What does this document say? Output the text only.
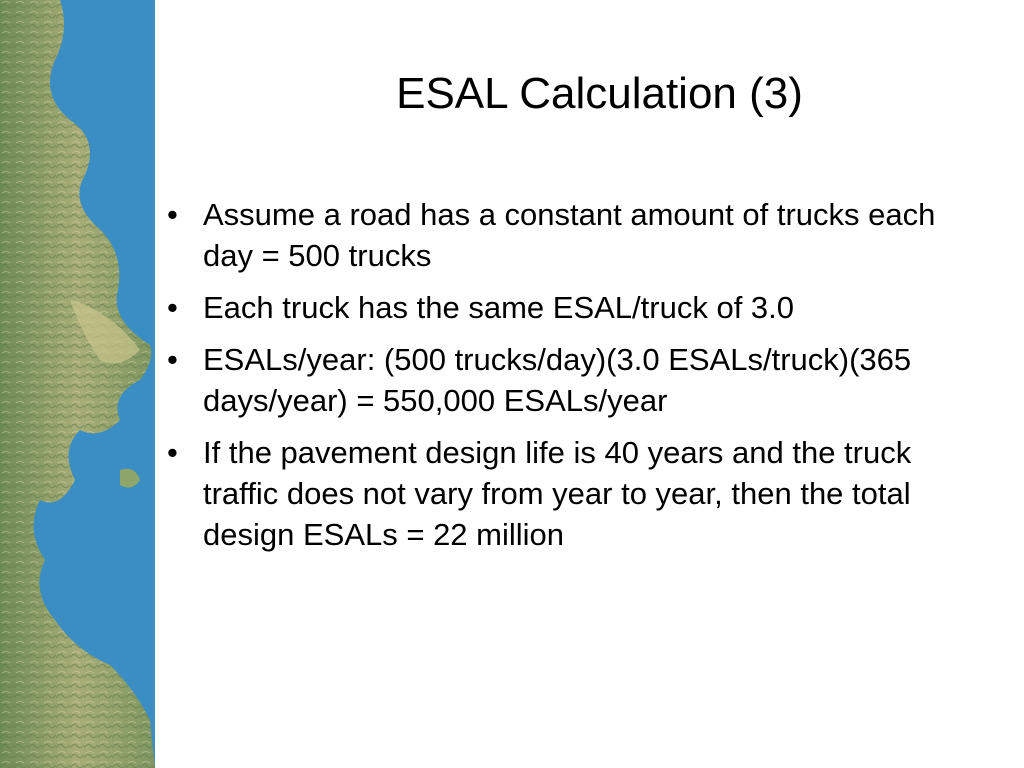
ESAL Calculation (3)
• Assume a road has a constant amount of trucks each day = 500 trucks
• Each truck has the same ESAL/truck of 3.0
• ESALs/year: (500 trucks/day)(3.0 ESALs/truck)(365 days/year) = 550,000 ESALs/year
• If the pavement design life is 40 years and the truck traffic does not vary from year to year, then the total design ESALs = 22 million
